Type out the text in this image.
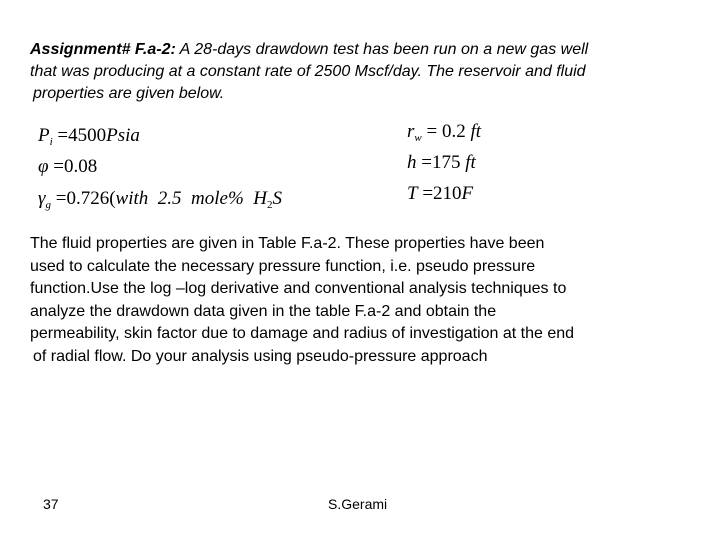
Assignment# F.a-2: A 28-days drawdown test has been run on a new gas well
that was producing at a constant rate of 2500 Mscf/day. The reservoir and fluid
properties are given below.
$P_i$ =4500Psia
φ =0.08
$\gamma_g$ =0.726(with  2.5  mole%  $H_2S$
$r_w = 0.2$ ft
h =175 ft
T =210F
The fluid properties are given in Table F.a-2. These properties have been
used to calculate the necessary pressure function, i.e. pseudo pressure
function.Use the log –log derivative and conventional analysis techniques to
analyze the drawdown data given in the table F.a-2 and obtain the
permeability, skin factor due to damage and radius of investigation at the end
of radial flow. Do your analysis using pseudo-pressure approach
37	S.Gerami
